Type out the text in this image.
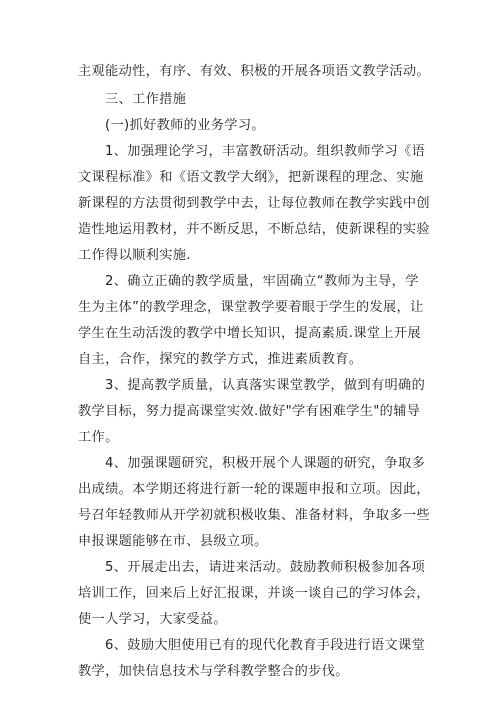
主观能动性，有序、有效、积极的开展各项语文教学活动。
三、工作措施
(一)抓好教师的业务学习。
1、加强理论学习，丰富教研活动。组织教师学习《语
文课程标准》和《语文教学大纲》，把新课程的理念、实施
新课程的方法贯彻到教学中去，让每位教师在教学实践中创
造性地运用教材，并不断反思，不断总结，使新课程的实验
工作得以顺利实施.
2、确立正确的教学质量，牢固确立“教师为主导，学
生为主体”的教学理念，课堂教学要着眼于学生的发展，让
学生在生动活泼的教学中增长知识，提高素质.课堂上开展
自主，合作，探究的教学方式，推进素质教育。
3、提高教学质量，认真落实课堂教学，做到有明确的
教学目标，努力提高课堂实效.做好"学有困难学生"的辅导
工作。
4、加强课题研究，积极开展个人课题的研究，争取多
出成绩。本学期还将进行新一轮的课题申报和立项。因此，
号召年轻教师从开学初就积极收集、准备材料，争取多一些
申报课题能够在市、县级立项。
5、开展走出去，请进来活动。鼓励教师积极参加各项
培训工作，回来后上好汇报课，并谈一谈自己的学习体会，
使一人学习，大家受益。
6、鼓励大胆使用已有的现代化教育手段进行语文课堂
教学，加快信息技术与学科教学整合的步伐。
